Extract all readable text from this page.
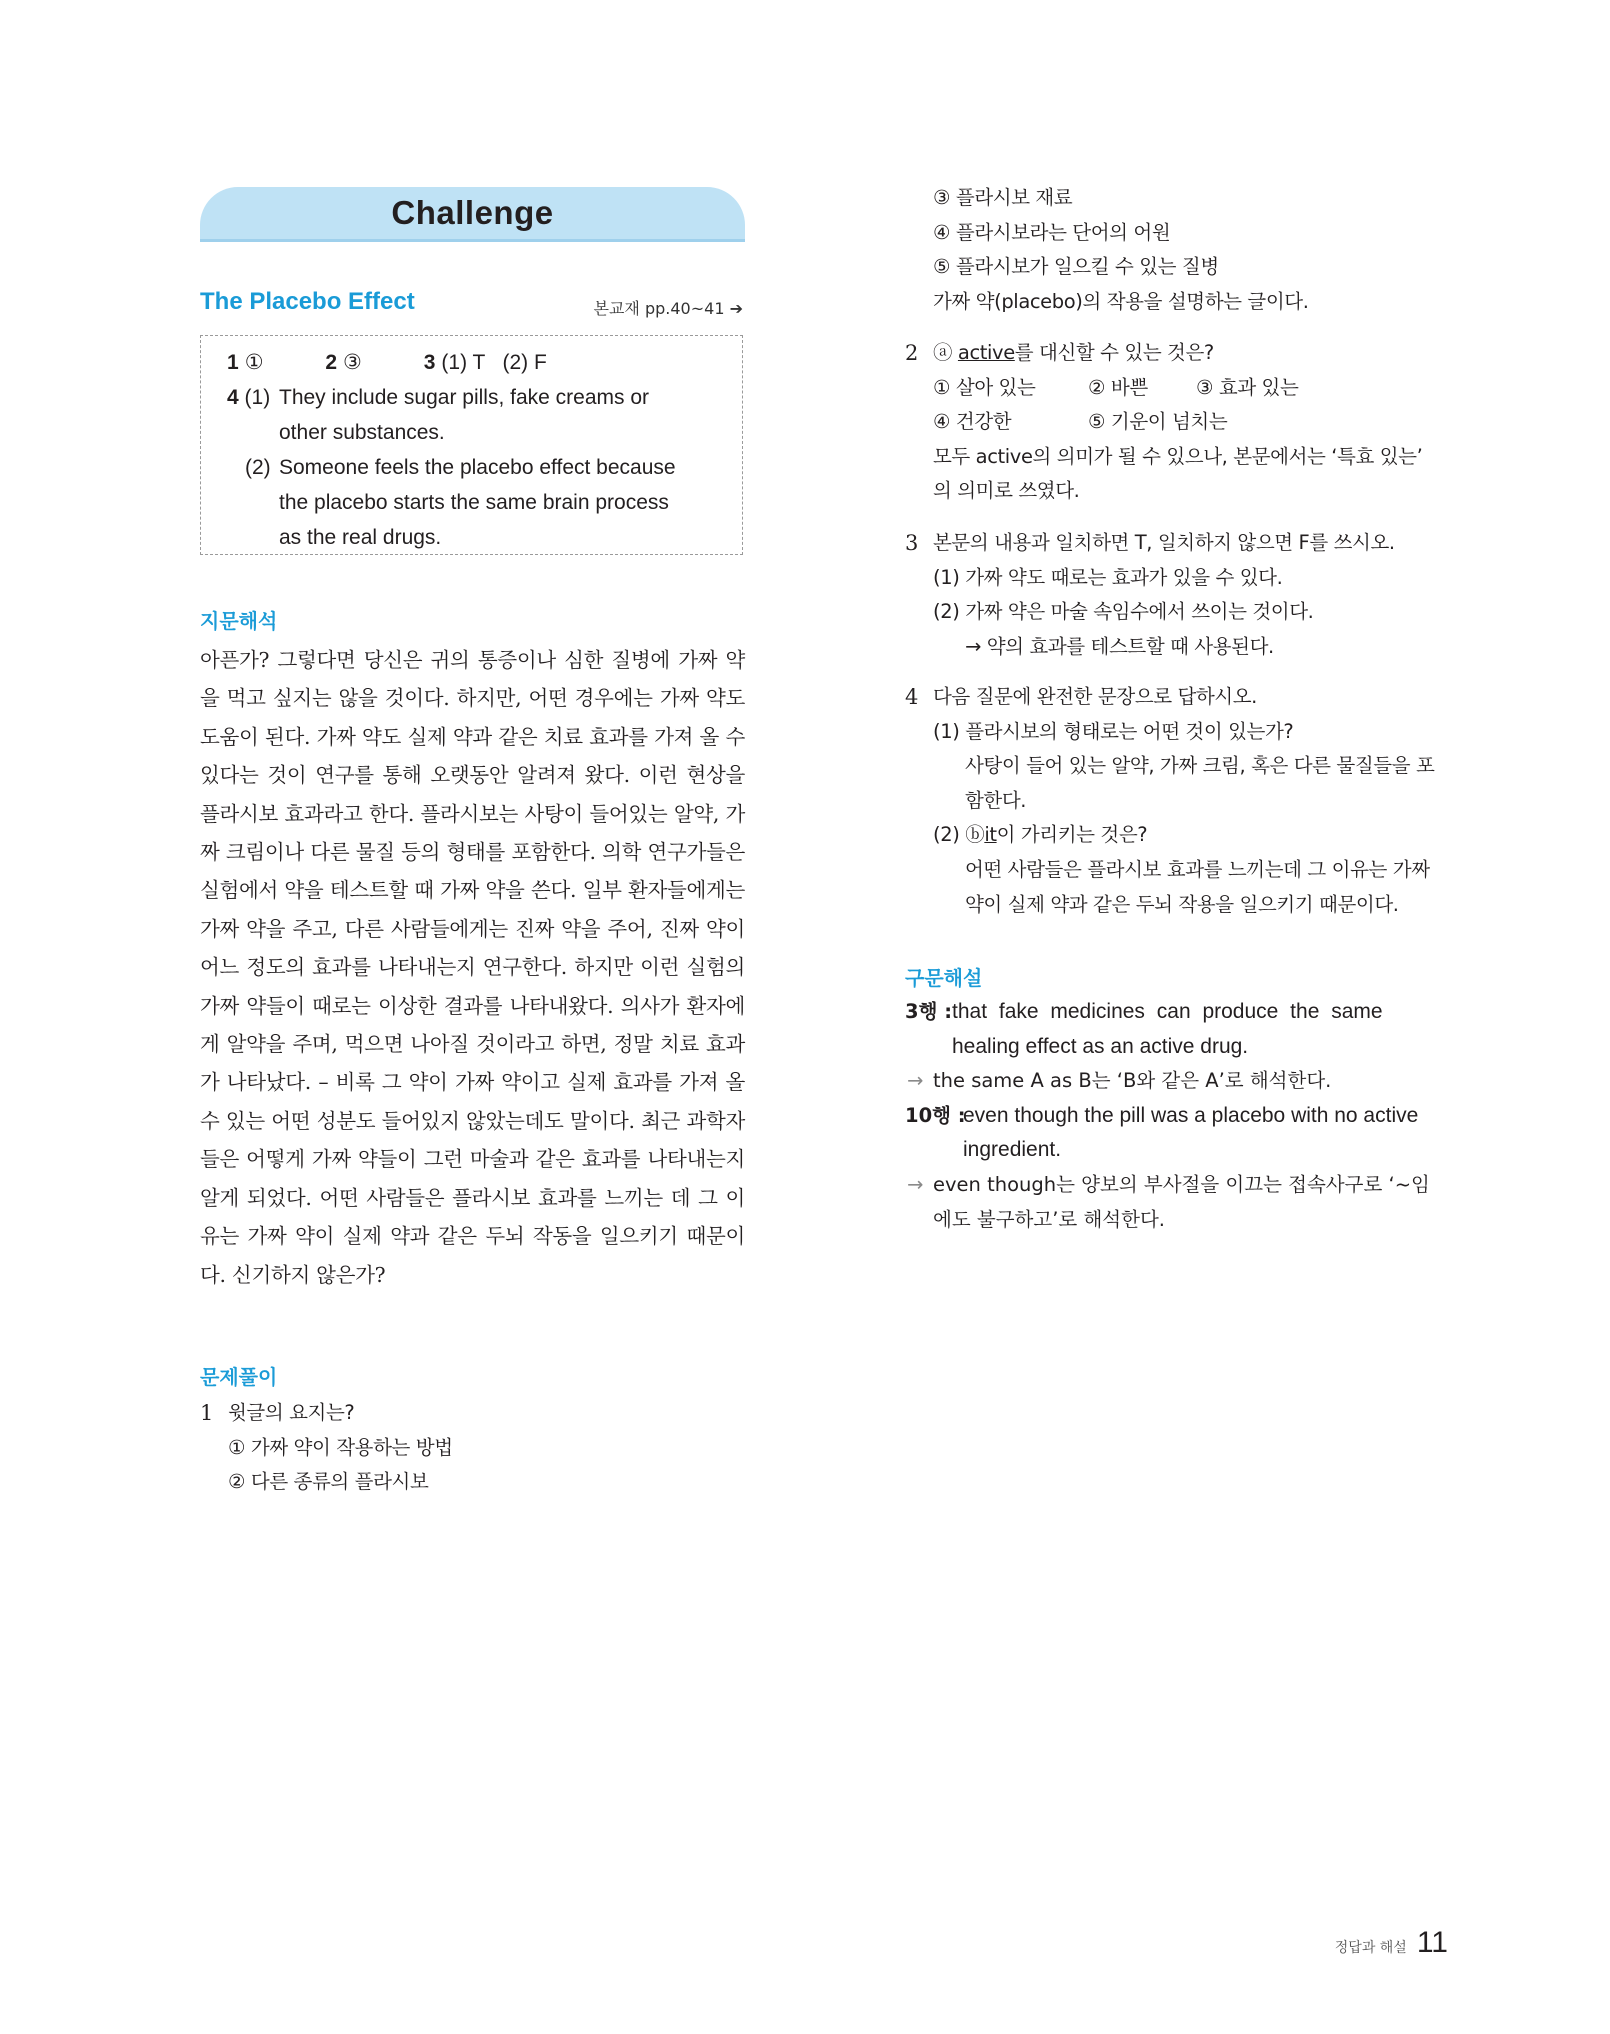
Challenge
The Placebo Effect	본교재 pp.40~41 ➔
1 ①	2 ③	3 (1) T   (2) F
4 (1) They include sugar pills, fake creams or
other substances.
(2) Someone feels the placebo effect because
the placebo starts the same brain process
as the real drugs.
지문해석
아픈가? 그렇다면 당신은 귀의 통증이나 심한 질병에 가짜 약을 먹고 싶지는 않을 것이다. 하지만, 어떤 경우에는 가짜 약도 도움이 된다. 가짜 약도 실제 약과 같은 치료 효과를 가져 올 수 있다는 것이 연구를 통해 오랫동안 알려져 왔다. 이런 현상을 플라시보 효과라고 한다. 플라시보는 사탕이 들어있는 알약, 가짜 크림이나 다른 물질 등의 형태를 포함한다. 의학 연구가들은 실험에서 약을 테스트할 때 가짜 약을 쓴다. 일부 환자들에게는 가짜 약을 주고, 다른 사람들에게는 진짜 약을 주어, 진짜 약이 어느 정도의 효과를 나타내는지 연구한다. 하지만 이런 실험의 가짜 약들이 때로는 이상한 결과를 나타내왔다. 의사가 환자에게 알약을 주며, 먹으면 나아질 것이라고 하면, 정말 치료 효과가 나타났다. – 비록 그 약이 가짜 약이고 실제 효과를 가져 올 수 있는 어떤 성분도 들어있지 않았는데도 말이다. 최근 과학자들은 어떻게 가짜 약들이 그런 마술과 같은 효과를 나타내는지 알게 되었다. 어떤 사람들은 플라시보 효과를 느끼는 데 그 이유는 가짜 약이 실제 약과 같은 두뇌 작동을 일으키기 때문이다. 신기하지 않은가?
문제풀이
1 윗글의 요지는?
① 가짜 약이 작용하는 방법
② 다른 종류의 플라시보
③ 플라시보 재료
④ 플라시보라는 단어의 어원
⑤ 플라시보가 일으킬 수 있는 질병
가짜 약(placebo)의 작용을 설명하는 글이다.
2 ⓐ active를 대신할 수 있는 것은?
① 살아 있는	② 바쁜 ③ 효과 있는
④ 건강한	⑤ 기운이 넘치는
모두 active의 의미가 될 수 있으나, 본문에서는 ‘특효 있는’
의 의미로 쓰였다.
3 본문의 내용과 일치하면 T, 일치하지 않으면 F를 쓰시오.
(1) 가짜 약도 때로는 효과가 있을 수 있다.
(2) 가짜 약은 마술 속임수에서 쓰이는 것이다.
→ 약의 효과를 테스트할 때 사용된다.
4 다음 질문에 완전한 문장으로 답하시오.
(1) 플라시보의 형태로는 어떤 것이 있는가?
사탕이 들어 있는 알약, 가짜 크림, 혹은 다른 물질들을 포
함한다.
(2) ⓑit이 가리키는 것은?
어떤 사람들은 플라시보 효과를 느끼는데 그 이유는 가짜
약이 실제 약과 같은 두뇌 작용을 일으키기 때문이다.
구문해설
3행 : that fake medicines can produce the same
healing effect as an active drug.
→ the same A as B는 ‘B와 같은 A’로 해석한다.
10행 :
even though the pill was a placebo with no active
ingredient.
→ even though는 양보의 부사절을 이끄는 접속사구로 ‘~임
에도 불구하고’로 해석한다.
정답과 해설 11
